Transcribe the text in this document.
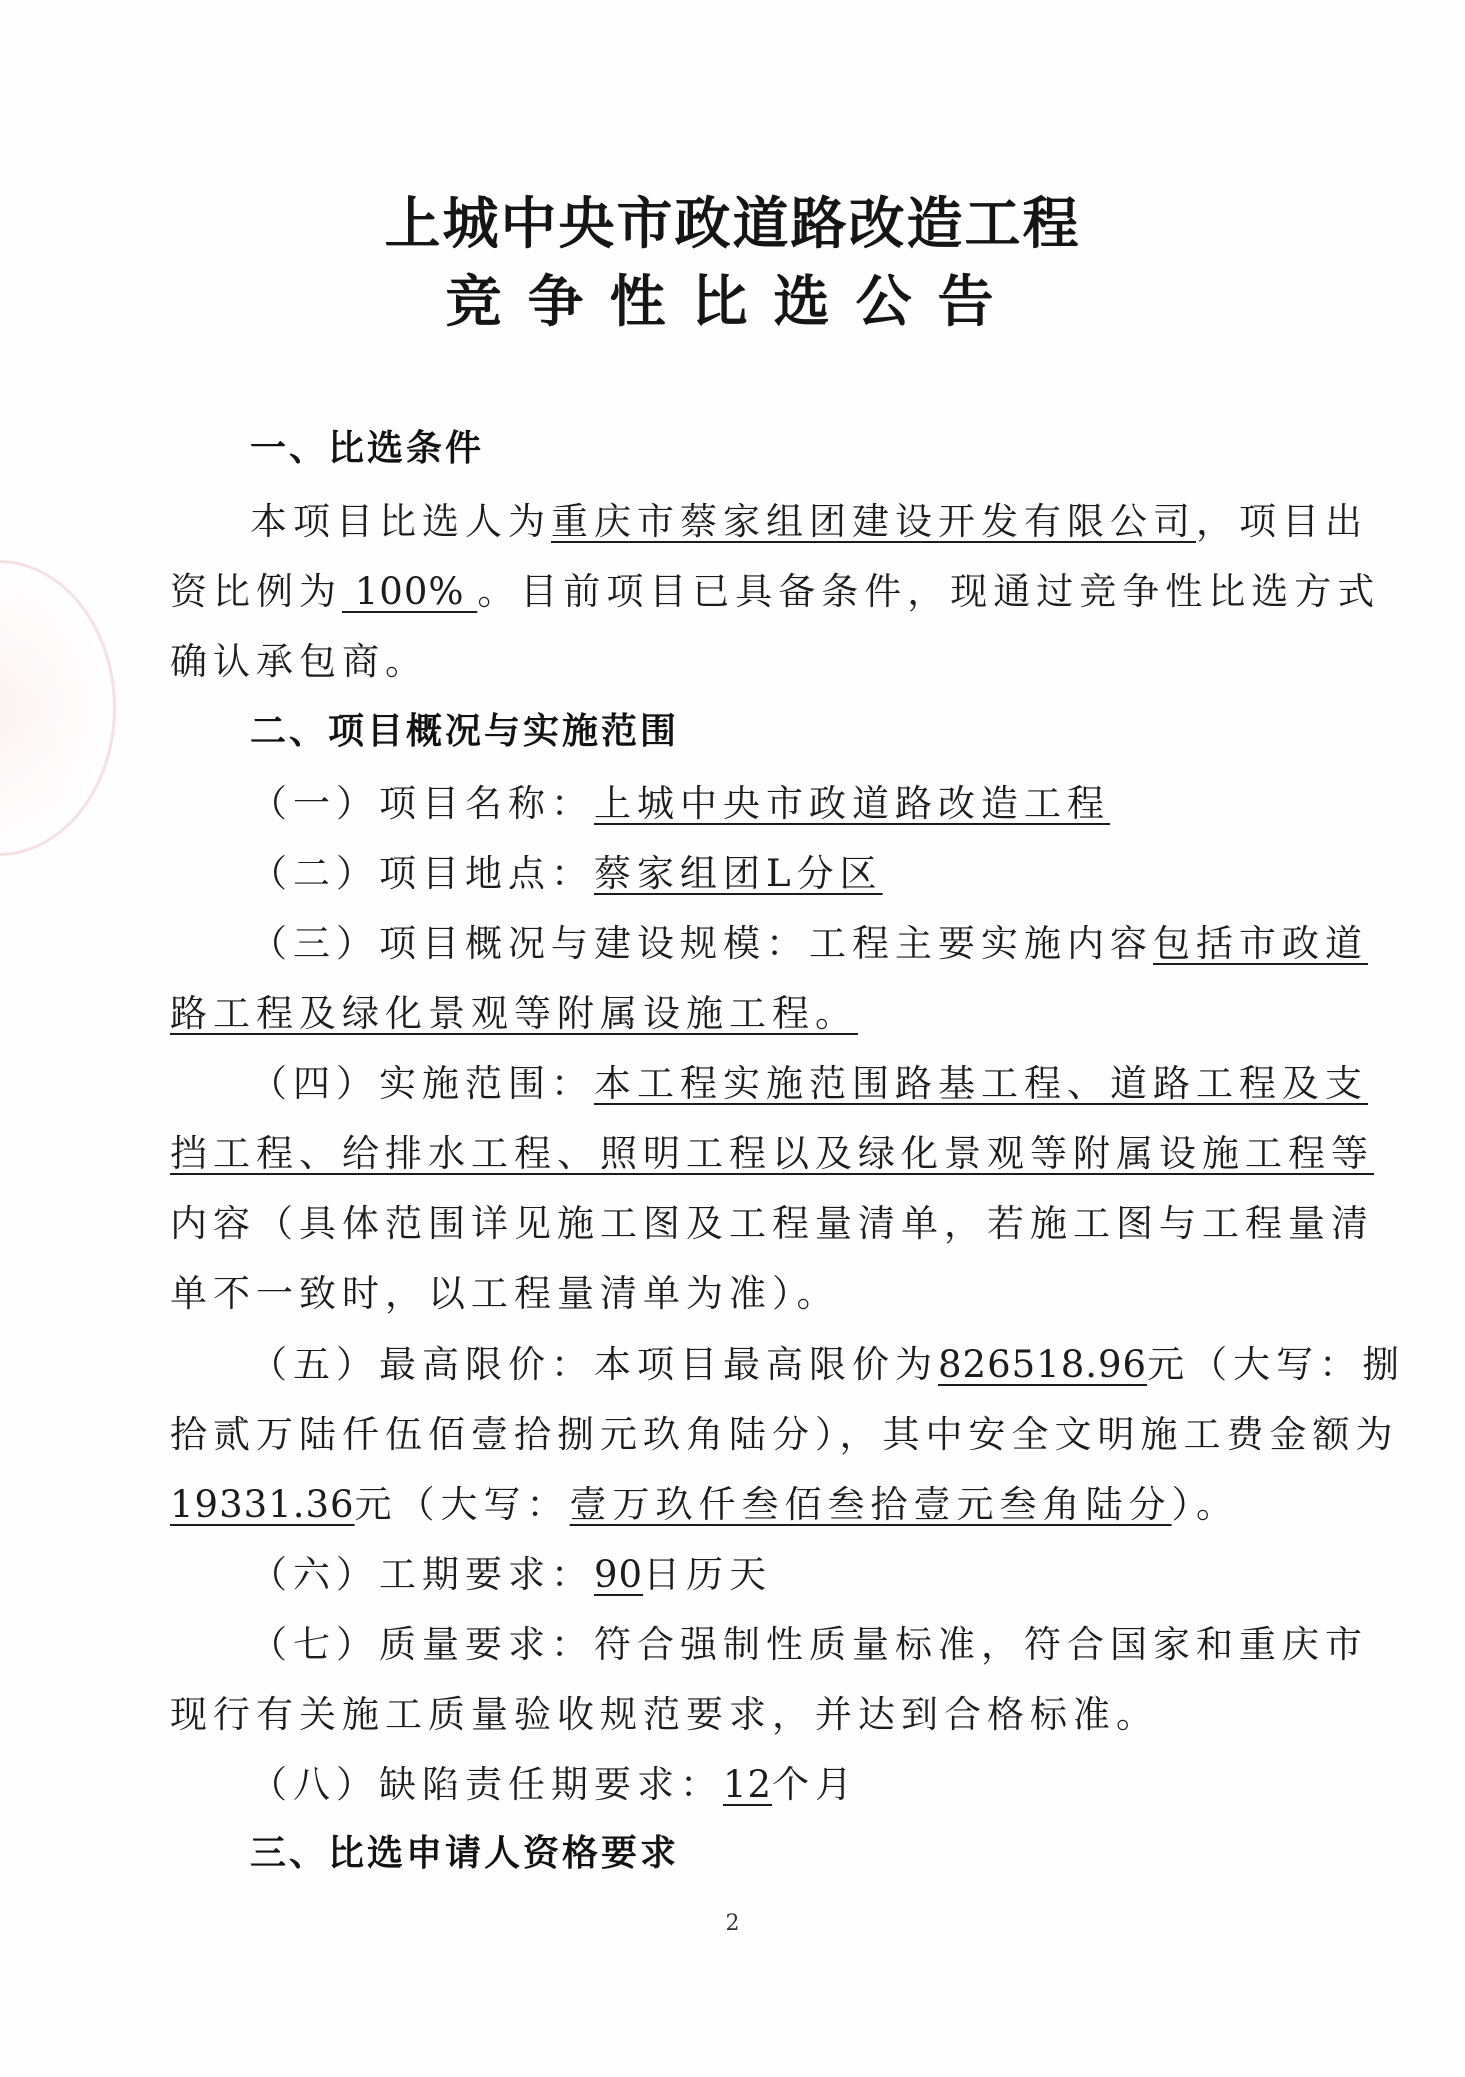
上城中央市政道路改造工程
竞争性比选公告
一、比选条件
本项目比选人为重庆市蔡家组团建设开发有限公司，项目出
资比例为 100% 。目前项目已具备条件，现通过竞争性比选方式
确认承包商。
二、项目概况与实施范围
（一）项目名称：上城中央市政道路改造工程
（二）项目地点：蔡家组团L分区
（三）项目概况与建设规模：工程主要实施内容包括市政道
路工程及绿化景观等附属设施工程。
（四）实施范围：本工程实施范围路基工程、道路工程及支
挡工程、给排水工程、照明工程以及绿化景观等附属设施工程等
内容（具体范围详见施工图及工程量清单，若施工图与工程量清
单不一致时，以工程量清单为准）。
（五）最高限价：本项目最高限价为826518.96元（大写：捌
拾贰万陆仟伍佰壹拾捌元玖角陆分），其中安全文明施工费金额为
19331.36元（大写：壹万玖仟叁佰叁拾壹元叁角陆分）。
（六）工期要求：90日历天
（七）质量要求：符合强制性质量标准，符合国家和重庆市
现行有关施工质量验收规范要求，并达到合格标准。
（八）缺陷责任期要求：12个月
三、比选申请人资格要求
2
